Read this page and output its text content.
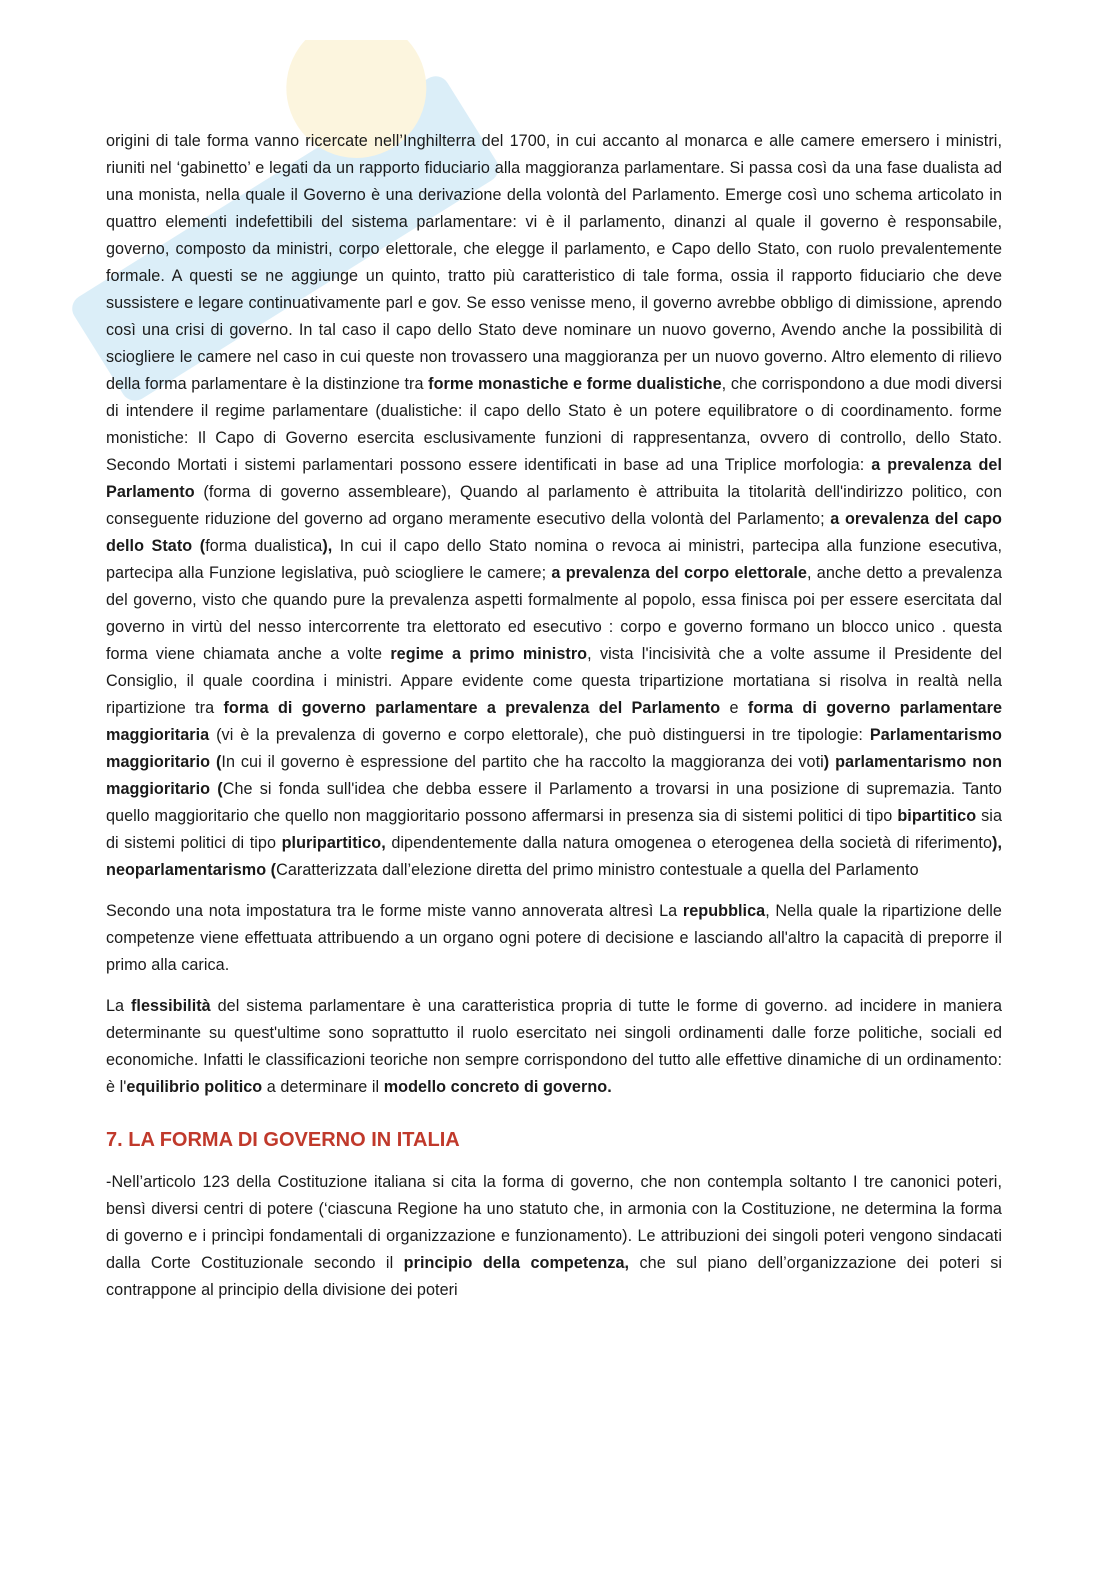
origini di tale forma vanno ricercate nell’Inghilterra del 1700, in cui accanto al monarca e alle camere emersero i ministri, riuniti nel ‘gabinetto’ e legati da un rapporto fiduciario alla maggioranza parlamentare. Si passa così da una fase dualista ad una monista, nella quale il Governo è una derivazione della volontà del Parlamento. Emerge così uno schema articolato in quattro elementi indefettibili del sistema parlamentare: vi è il parlamento, dinanzi al quale il governo è responsabile, governo, composto da ministri, corpo elettorale, che elegge il parlamento, e Capo dello Stato, con ruolo prevalentemente formale. A questi se ne aggiunge un quinto, tratto più caratteristico di tale forma, ossia il rapporto fiduciario che deve sussistere e legare continuativamente parl e gov. Se esso venisse meno, il governo avrebbe obbligo di dimissione, aprendo così una crisi di governo. In tal caso il capo dello Stato deve nominare un nuovo governo, Avendo anche la possibilità di sciogliere le camere nel caso in cui queste non trovassero una maggioranza per un nuovo governo. Altro elemento di rilievo della forma parlamentare è la distinzione tra forme monastiche e forme dualistiche, che corrispondono a due modi diversi di intendere il regime parlamentare (dualistiche: il capo dello Stato è un potere equilibratore o di coordinamento. forme monistiche: Il Capo di Governo esercita esclusivamente funzioni di rappresentanza, ovvero di controllo, dello Stato. Secondo Mortati i sistemi parlamentari possono essere identificati in base ad una Triplice morfologia: a prevalenza del Parlamento (forma di governo assembleare), Quando al parlamento è attribuita la titolarità dell'indirizzo politico, con conseguente riduzione del governo ad organo meramente esecutivo della volontà del Parlamento; a orevalenza del capo dello Stato (forma dualistica), In cui il capo dello Stato nomina o revoca ai ministri, partecipa alla funzione esecutiva, partecipa alla Funzione legislativa, può sciogliere le camere; a prevalenza del corpo elettorale, anche detto a prevalenza del governo, visto che quando pure la prevalenza aspetti formalmente al popolo, essa finisca poi per essere esercitata dal governo in virtù del nesso intercorrente tra elettorato ed esecutivo : corpo e governo formano un blocco unico . questa forma viene chiamata anche a volte regime a primo ministro, vista l'incisività che a volte assume il Presidente del Consiglio, il quale coordina i ministri. Appare evidente come questa tripartizione mortatiana si risolva in realtà nella ripartizione tra forma di governo parlamentare a prevalenza del Parlamento e forma di governo parlamentare maggioritaria (vi è la prevalenza di governo e corpo elettorale), che può distinguersi in tre tipologie: Parlamentarismo maggioritario (In cui il governo è espressione del partito che ha raccolto la maggioranza dei voti) parlamentarismo non maggioritario (Che si fonda sull'idea che debba essere il Parlamento a trovarsi in una posizione di supremazia. Tanto quello maggioritario che quello non maggioritario possono affermarsi in presenza sia di sistemi politici di tipo bipartitico sia di sistemi politici di tipo pluripartitico, dipendentemente dalla natura omogenea o eterogenea della società di riferimento), neoparlamentarismo (Caratterizzata dall’elezione diretta del primo ministro contestuale a quella del Parlamento

Secondo una nota impostatura tra le forme miste vanno annoverata altresì La repubblica, Nella quale la ripartizione delle competenze viene effettuata attribuendo a un organo ogni potere di decisione e lasciando all'altro la capacità di preporre il primo alla carica.

La flessibilità del sistema parlamentare è una caratteristica propria di tutte le forme di governo. ad incidere in maniera determinante su quest'ultime sono soprattutto il ruolo esercitato nei singoli ordinamenti dalle forze politiche, sociali ed economiche. Infatti le classificazioni teoriche non sempre corrispondono del tutto alle effettive dinamiche di un ordinamento: è l'equilibrio politico a determinare il modello concreto di governo.

7. LA FORMA DI GOVERNO IN ITALIA

-Nell’articolo 123 della Costituzione italiana si cita la forma di governo, che non contempla soltanto I tre canonici poteri, bensì diversi centri di potere (‘ciascuna Regione ha uno statuto che, in armonia con la Costituzione, ne determina la forma di governo e i princìpi fondamentali di organizzazione e funzionamento). Le attribuzioni dei singoli poteri vengono sindacati dalla Corte Costituzionale secondo il principio della competenza, che sul piano dell’organizzazione dei poteri si contrappone al principio della divisione dei poteri
